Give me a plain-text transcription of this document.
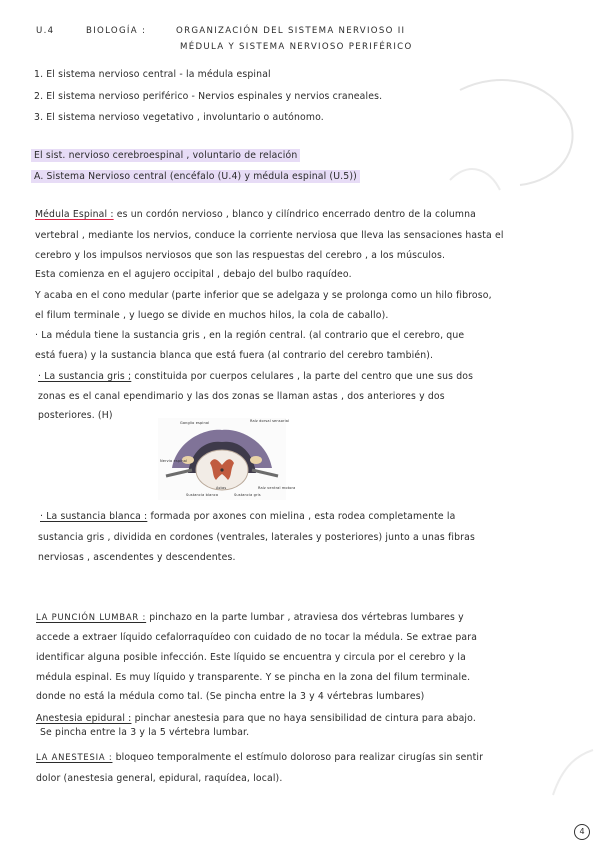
U.4	BIOLOGÍA :	ORGANIZACIÓN DEL SISTEMA NERVIOSO II
MÉDULA Y SISTEMA NERVIOSO PERIFÉRICO
1. El sistema nervioso central - la médula espinal
2. El sistema nervioso periférico - Nervios espinales y nervios craneales.
3. El sistema nervioso vegetativo , involuntario o autónomo.
El sist. nervioso cerebroespinal , voluntario de relación
A. Sistema Nervioso central (encéfalo (U.4) y médula espinal (U.5))
Médula Espinal : es un cordón nervioso , blanco y cilíndrico encerrado dentro de la columna
vertebral , mediante los nervios, conduce la corriente nerviosa que lleva las sensaciones hasta el
cerebro y los impulsos nerviosos que son las respuestas del cerebro , a los músculos.
Esta comienza en el agujero occipital , debajo del bulbo raquídeo.
Y acaba en el cono medular (parte inferior que se adelgaza y se prolonga como un hilo fibroso,
el filum terminale , y luego se divide en muchos hilos, la cola de caballo).
· La médula tiene la sustancia gris , en la región central. (al contrario que el cerebro, que
está fuera) y la sustancia blanca que está fuera (al contrario del cerebro también).
· La sustancia gris ; constituida por cuerpos celulares , la parte del centro que une sus dos
zonas es el canal ependimario y las dos zonas se llaman astas , dos anteriores y dos
posteriores. (H)
Ganglio espinal	Raíz dorsal sensorial
Nervio espinal
Raíz ventral motora
Sustancia blanca	Sustancia gris
Astas
· La sustancia blanca : formada por axones con mielina , esta rodea completamente la
sustancia gris , dividida en cordones (ventrales, laterales y posteriores) junto a unas fibras
nerviosas , ascendentes y descendentes.
LA PUNCIÓN LUMBAR : pinchazo en la parte lumbar , atraviesa dos vértebras lumbares y
accede a extraer líquido cefalorraquídeo con cuidado de no tocar la médula. Se extrae para
identificar alguna posible infección. Este líquido se encuentra y circula por el cerebro y la
médula espinal. Es muy líquido y transparente. Y se pincha en la zona del filum terminale.
donde no está la médula como tal. (Se pincha entre la 3 y 4 vértebras lumbares)
Anestesia epidural : pinchar anestesia para que no haya sensibilidad de cintura para abajo.
Se pincha entre la 3 y la 5 vértebra lumbar.
LA ANESTESIA : bloqueo temporalmente el estímulo doloroso para realizar cirugías sin sentir
dolor (anestesia general, epidural, raquídea, local).
4
